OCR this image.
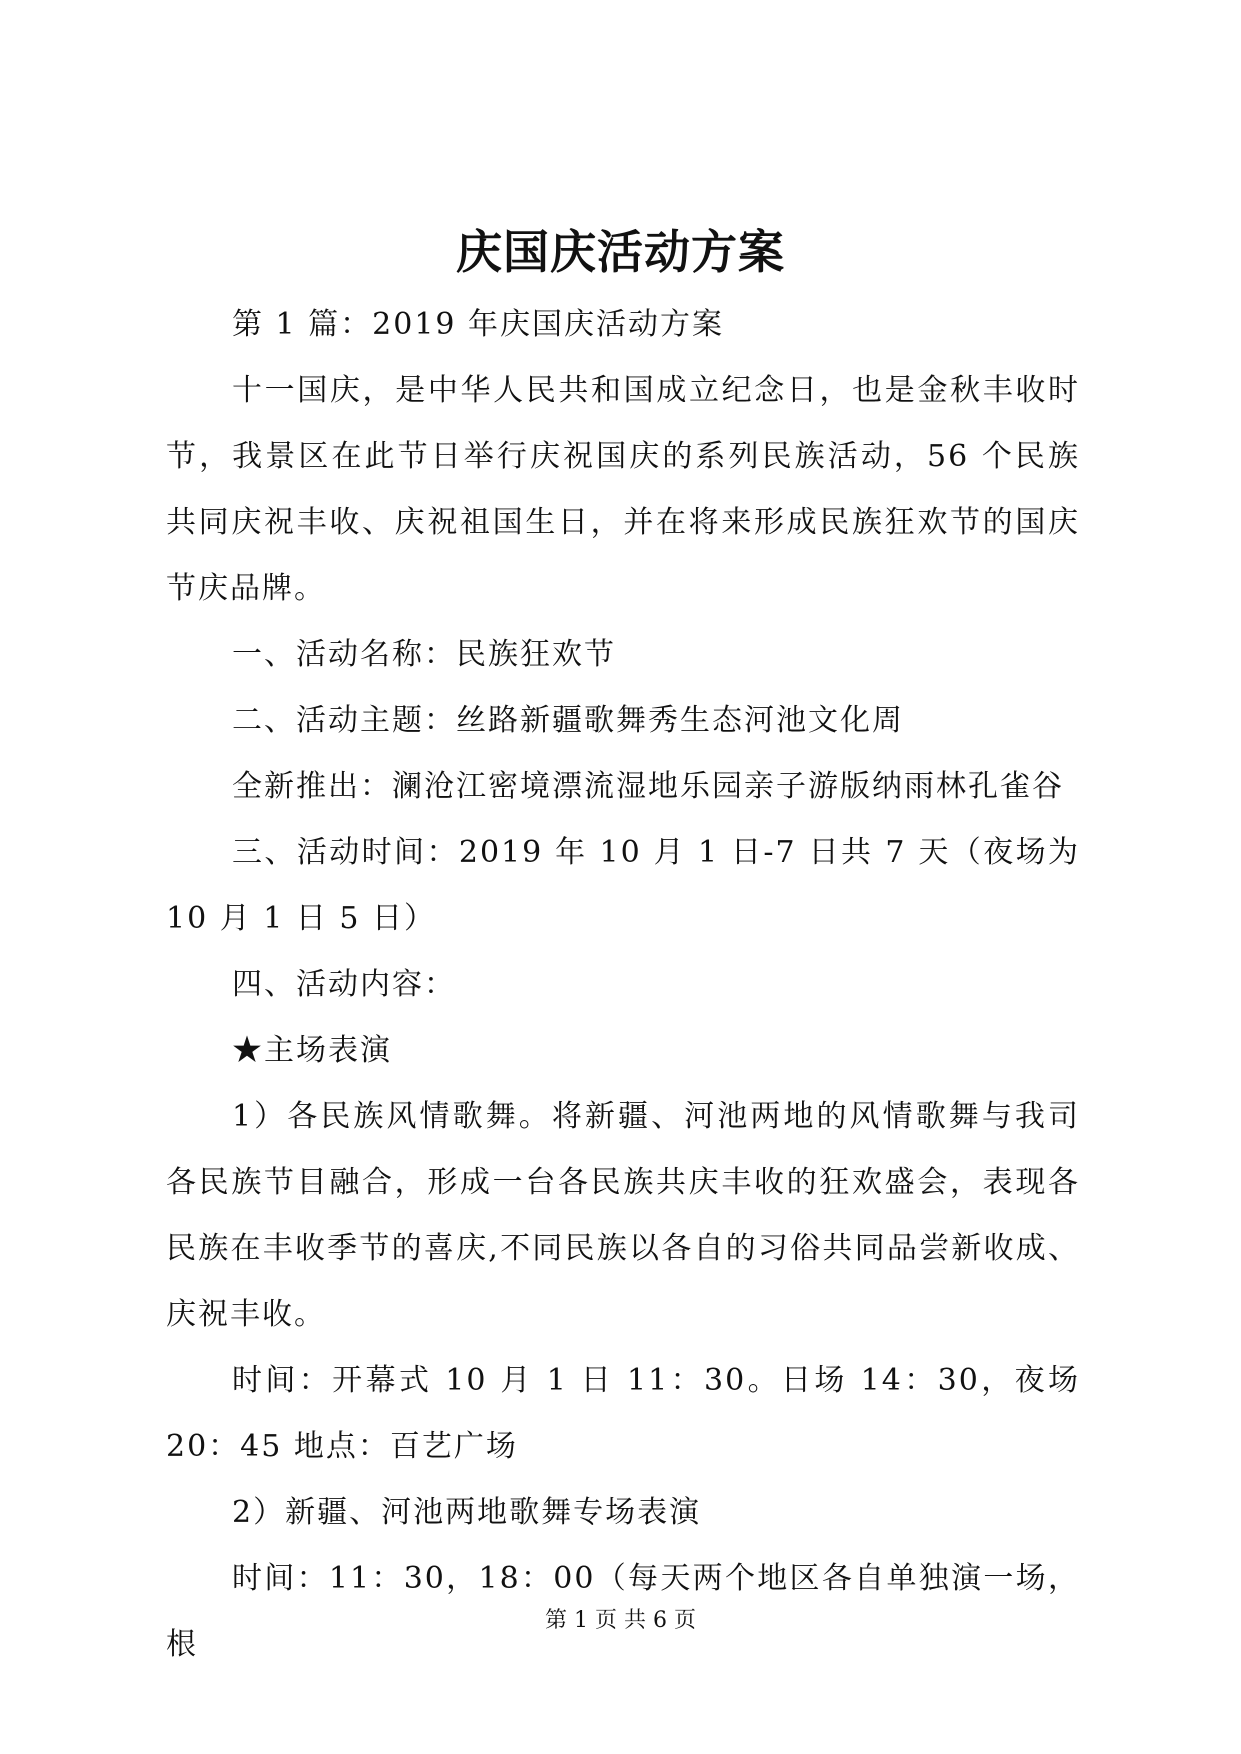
庆国庆活动方案

第 1 篇：2019 年庆国庆活动方案

十一国庆，是中华人民共和国成立纪念日，也是金秋丰收时节，我景区在此节日举行庆祝国庆的系列民族活动，56 个民族共同庆祝丰收、庆祝祖国生日，并在将来形成民族狂欢节的国庆节庆品牌。

一、活动名称：民族狂欢节

二、活动主题：丝路新疆歌舞秀生态河池文化周

全新推出：澜沧江密境漂流湿地乐园亲子游版纳雨林孔雀谷

三、活动时间：2019 年 10 月 1 日-7 日共 7 天（夜场为 10 月 1 日 5 日）

四、活动内容：

★主场表演

1）各民族风情歌舞。将新疆、河池两地的风情歌舞与我司各民族节目融合，形成一台各民族共庆丰收的狂欢盛会，表现各民族在丰收季节的喜庆,不同民族以各自的习俗共同品尝新收成、庆祝丰收。

时间：开幕式 10 月 1 日 11：30。日场 14：30，夜场 20：45 地点：百艺广场

2）新疆、河池两地歌舞专场表演

时间：11：30，18：00（每天两个地区各自单独演一场，根

第 1 页 共 6 页
